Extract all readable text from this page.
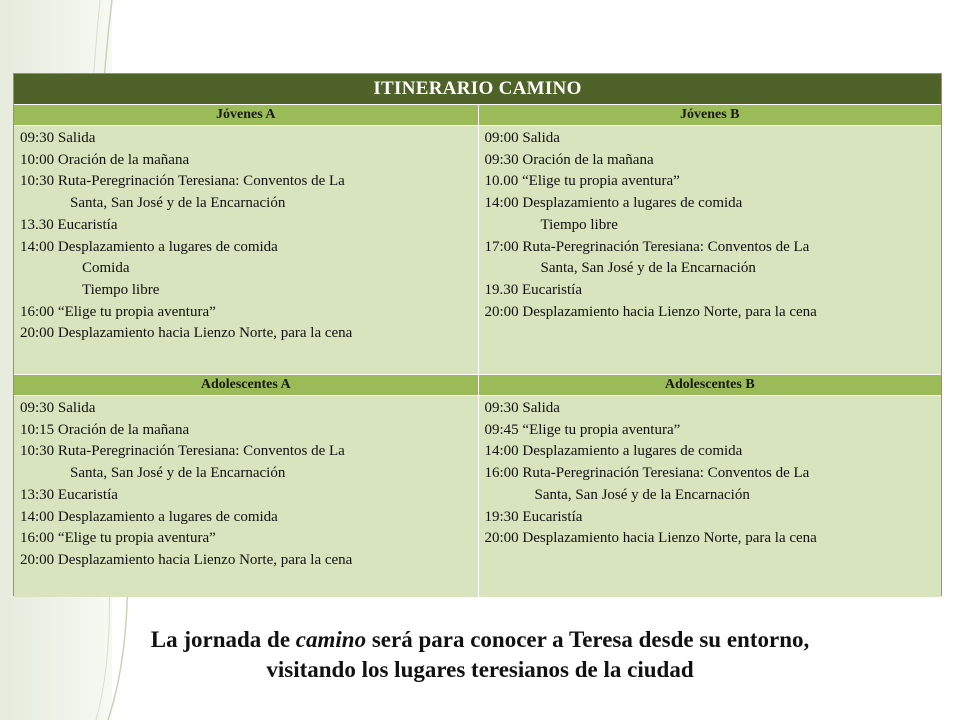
ITINERARIO CAMINO
Jóvenes A	Jóvenes B
09:30 Salida
10:00 Oración de la mañana
10:30 Ruta-Peregrinación Teresiana: Conventos de La
Santa, San José y de la Encarnación
13.30 Eucaristía
14:00 Desplazamiento a lugares de comida
Comida
Tiempo libre
16:00 “Elige tu propia aventura”
20:00 Desplazamiento hacia Lienzo Norte, para la cena
09:00 Salida
09:30 Oración de la mañana
10.00 “Elige tu propia aventura”
14:00 Desplazamiento a lugares de comida
Tiempo libre
17:00 Ruta-Peregrinación Teresiana: Conventos de La
Santa, San José y de la Encarnación
19.30 Eucaristía
20:00 Desplazamiento hacia Lienzo Norte, para la cena
Adolescentes A	Adolescentes B
09:30 Salida
10:15 Oración de la mañana
10:30 Ruta-Peregrinación Teresiana: Conventos de La
Santa, San José y de la Encarnación
13:30 Eucaristía
14:00 Desplazamiento a lugares de comida
16:00 “Elige tu propia aventura”
20:00 Desplazamiento hacia Lienzo Norte, para la cena
09:30 Salida
09:45 “Elige tu propia aventura”
14:00 Desplazamiento a lugares de comida
16:00 Ruta-Peregrinación Teresiana: Conventos de La
Santa, San José y de la Encarnación
19:30 Eucaristía
20:00 Desplazamiento hacia Lienzo Norte, para la cena
La jornada de camino será para conocer a Teresa desde su entorno,
visitando los lugares teresianos de la ciudad
